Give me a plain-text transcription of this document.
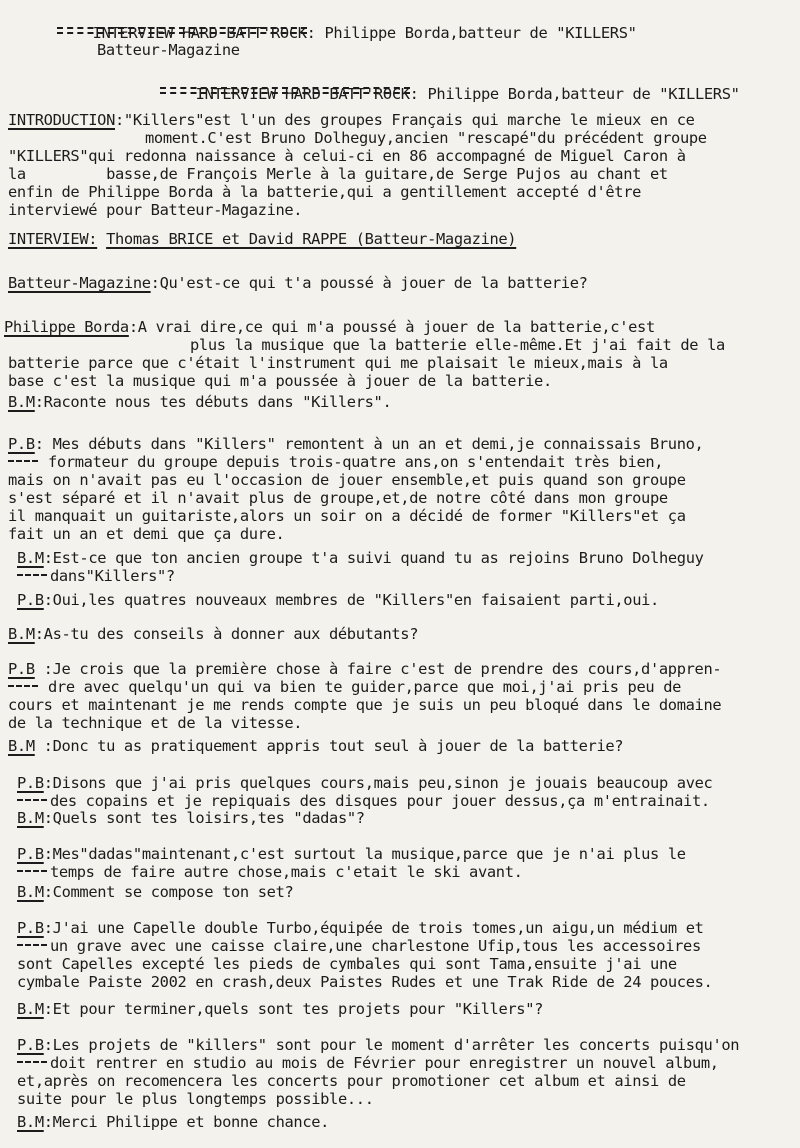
INTERVIEW HARD BATT'ROCK: Philippe Borda,batteur de "KILLERS"

Batteur-Magazine

INTERVIEW HARD BATT'ROCK: Philippe Borda,batteur de "KILLERS"

INTRODUCTION:"Killers"est l'un des groupes Français qui marche le mieux en ce
moment.C'est Bruno Dolheguy,ancien "rescapé"du précédent groupe
"KILLERS"qui redonna naissance à celui-ci en 86 accompagné de Miguel Caron à
la         basse,de François Merle à la guitare,de Serge Pujos au chant et
enfin de Philippe Borda à la batterie,qui a gentillement accepté d'être
interviewé pour Batteur-Magazine.
INTERVIEW: Thomas BRICE et David RAPPE (Batteur-Magazine)
Batteur-Magazine:Qu'est-ce qui t'a poussé à jouer de la batterie?
Philippe Borda:A vrai dire,ce qui m'a poussé à jouer de la batterie,c'est
plus la musique que la batterie elle-même.Et j'ai fait de la
batterie parce que c'était l'instrument qui me plaisait le mieux,mais à la
base c'est la musique qui m'a poussée à jouer de la batterie.
B.M:Raconte nous tes débuts dans "Killers".
P.B: Mes débuts dans "Killers" remontent à un an et demi,je connaissais Bruno,
formateur du groupe depuis trois-quatre ans,on s'entendait très bien,
mais on n'avait pas eu l'occasion de jouer ensemble,et puis quand son groupe
s'est séparé et il n'avait plus de groupe,et,de notre côté dans mon groupe
il manquait un guitariste,alors un soir on a décidé de former "Killers"et ça
fait un an et demi que ça dure.
B.M:Est-ce que ton ancien groupe t'a suivi quand tu as rejoins Bruno Dolheguy
dans"Killers"?
P.B:Oui,les quatres nouveaux membres de "Killers"en faisaient parti,oui.
B.M:As-tu des conseils à donner aux débutants?
P.B :Je crois que la première chose à faire c'est de prendre des cours,d'appren-
dre avec quelqu'un qui va bien te guider,parce que moi,j'ai pris peu de
cours et maintenant je me rends compte que je suis un peu bloqué dans le domaine
de la technique et de la vitesse.
B.M :Donc tu as pratiquement appris tout seul à jouer de la batterie?
P.B:Disons que j'ai pris quelques cours,mais peu,sinon je jouais beaucoup avec
des copains et je repiquais des disques pour jouer dessus,ça m'entrainait.
B.M:Quels sont tes loisirs,tes "dadas"?
P.B:Mes"dadas"maintenant,c'est surtout la musique,parce que je n'ai plus le
temps de faire autre chose,mais c'etait le ski avant.
B.M:Comment se compose ton set?
P.B:J'ai une Capelle double Turbo,équipée de trois tomes,un aigu,un médium et
un grave avec une caisse claire,une charlestone Ufip,tous les accessoires
sont Capelles excepté les pieds de cymbales qui sont Tama,ensuite j'ai une
cymbale Paiste 2002 en crash,deux Paistes Rudes et une Trak Ride de 24 pouces.
B.M:Et pour terminer,quels sont tes projets pour "Killers"?
P.B:Les projets de "killers" sont pour le moment d'arrêter les concerts puisqu'on
doit rentrer en studio au mois de Février pour enregistrer un nouvel album,
et,après on recomencera les concerts pour promotioner cet album et ainsi de
suite pour le plus longtemps possible...
B.M:Merci Philippe et bonne chance.
